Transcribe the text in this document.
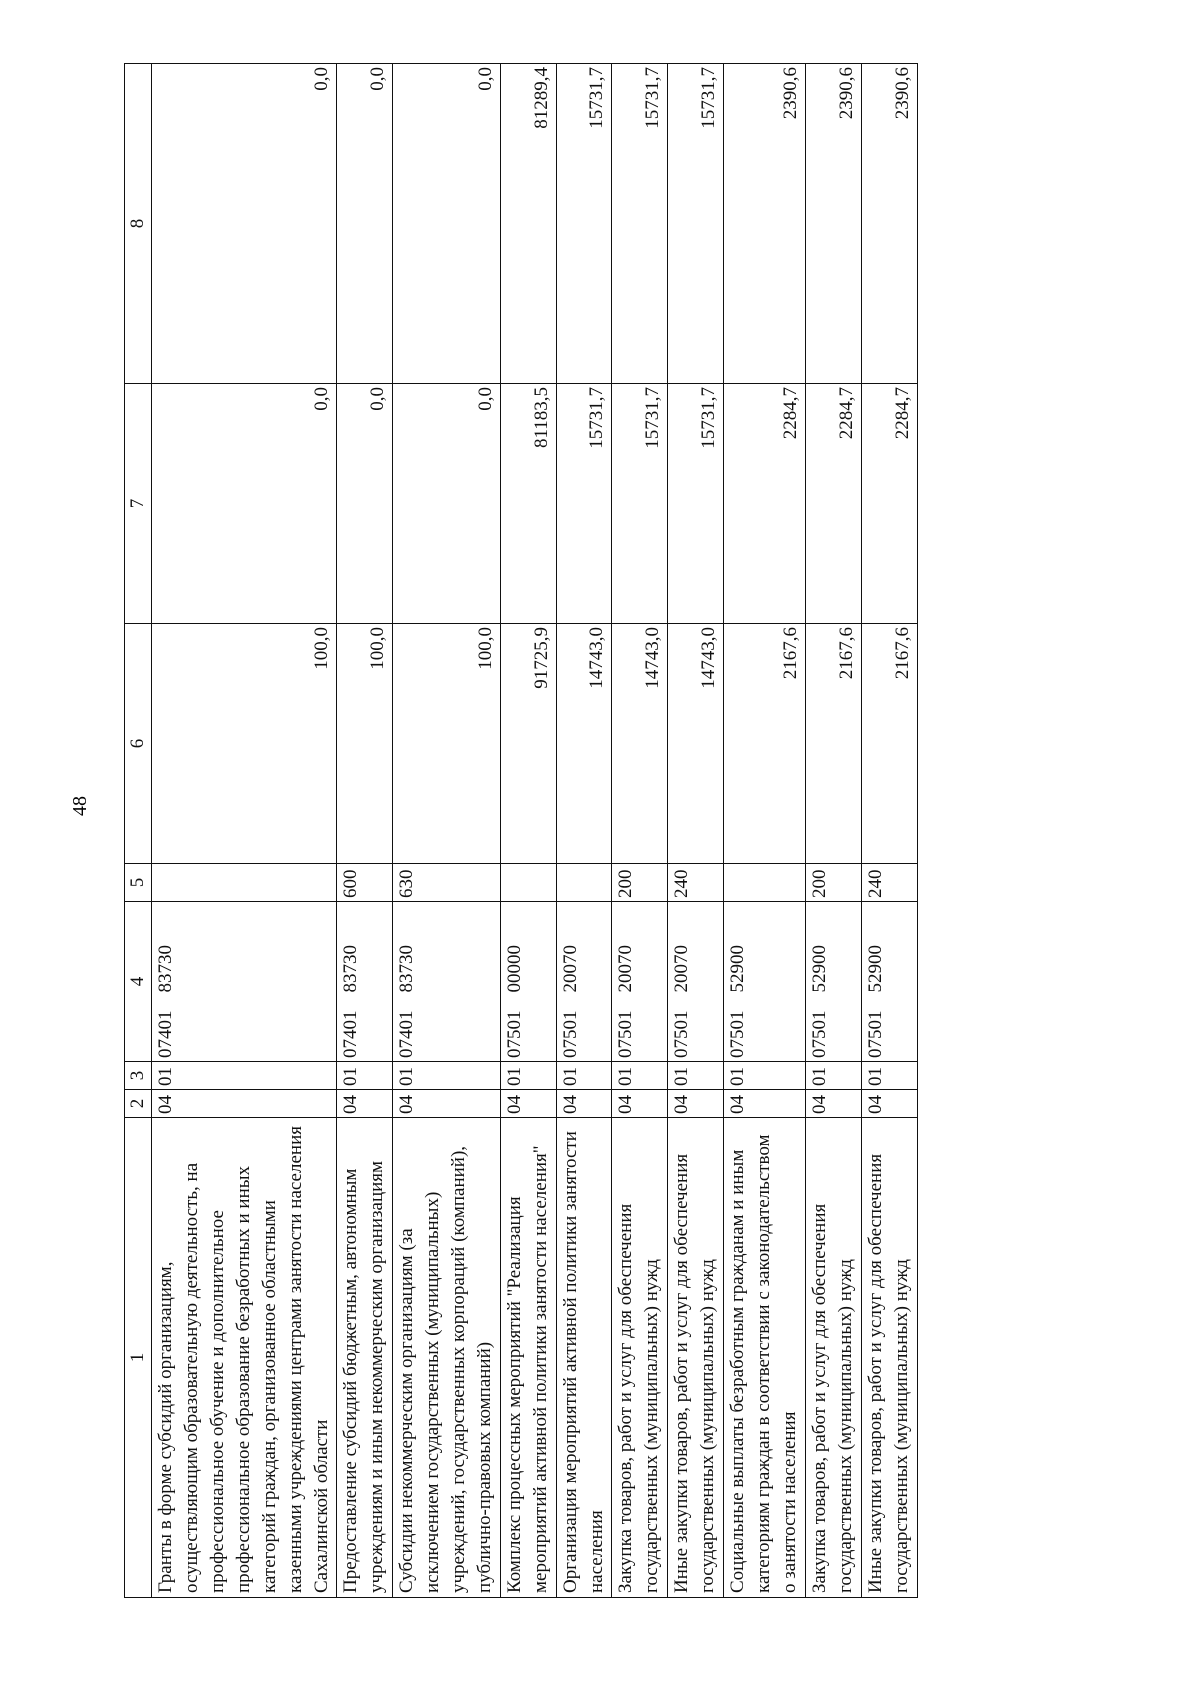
48
1	2	3	4	5	6	7	8
Гранты в форме субсидий организациям, осуществляющим образовательную деятельность, на профессиональное обучение и дополнительное профессиональное образование безработных и иных категорий граждан, организованное областными казенными учреждениями центрами занятости населения Сахалинской области	04	01	0740183730		100,0	0,0	0,0
Предоставление субсидий бюджетным, автономным учреждениям и иным некоммерческим организациям	04	01	0740183730	600	100,0	0,0	0,0
Субсидии некоммерческим организациям (за исключением государственных (муниципальных) учреждений, государственных корпораций (компаний), публично-правовых компаний)	04	01	0740183730	630	100,0	0,0	0,0
Комплекс процессных мероприятий "Реализация мероприятий активной политики занятости населения"	04	01	0750100000		91725,9	81183,5	81289,4
Организация мероприятий активной политики занятости населения	04	01	0750120070		14743,0	15731,7	15731,7
Закупка товаров, работ и услуг для обеспечения государственных (муниципальных) нужд	04	01	0750120070	200	14743,0	15731,7	15731,7
Иные закупки товаров, работ и услуг для обеспечения государственных (муниципальных) нужд	04	01	0750120070	240	14743,0	15731,7	15731,7
Социальные выплаты безработным гражданам и иным категориям граждан в соответствии с законодательством о занятости населения	04	01	0750152900		2167,6	2284,7	2390,6
Закупка товаров, работ и услуг для обеспечения государственных (муниципальных) нужд	04	01	0750152900	200	2167,6	2284,7	2390,6
Иные закупки товаров, работ и услуг для обеспечения государственных (муниципальных) нужд	04	01	0750152900	240	2167,6	2284,7	2390,6
